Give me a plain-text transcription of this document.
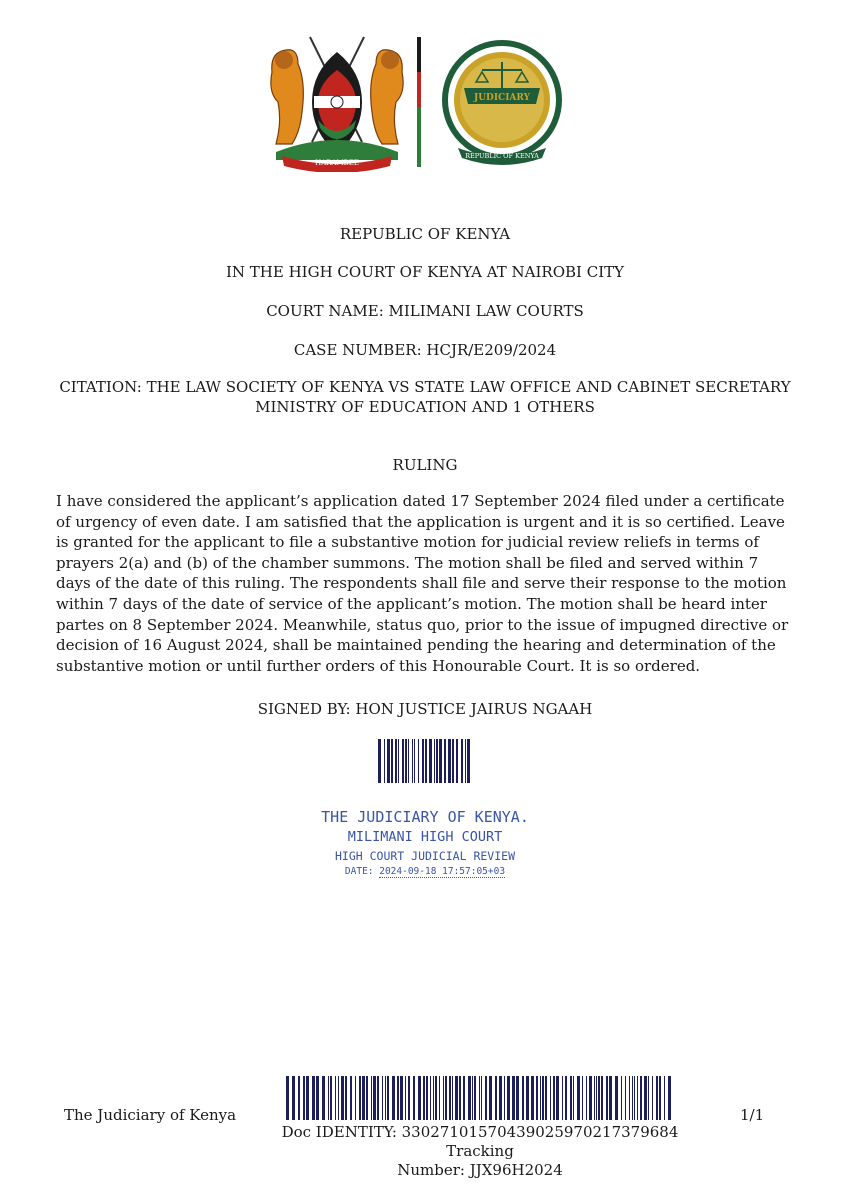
HARAMBEE
JUDICIARY
REPUBLIC OF KENYA
REPUBLIC OF KENYA
IN THE HIGH COURT OF KENYA AT NAIROBI CITY
COURT NAME: MILIMANI LAW COURTS
CASE NUMBER: HCJR/E209/2024
CITATION: THE LAW SOCIETY OF KENYA VS STATE LAW OFFICE AND CABINET SECRETARY
MINISTRY OF EDUCATION AND 1 OTHERS
RULING
I have considered the applicant’s application dated 17 September 2024 filed under a certificate of urgency of even date. I am satisfied that the application is urgent and it is so certified. Leave is granted for the applicant to file a substantive motion for judicial review reliefs in terms of prayers 2(a) and (b) of the chamber summons. The motion shall be filed and served within 7 days of the date of this ruling. The respondents shall file and serve their response to the motion within 7 days of the date of service of the applicant’s motion. The motion shall be heard inter partes on 8 September 2024. Meanwhile, status quo, prior to the issue of impugned directive or decision of 16 August 2024, shall be maintained pending the hearing and determination of the substantive motion or until further orders of this Honourable Court. It is so ordered.
SIGNED BY: HON JUSTICE JAIRUS NGAAH
THE JUDICIARY OF KENYA.
MILIMANI HIGH COURT
HIGH COURT JUDICIAL REVIEW
DATE: 2024-09-18 17:57:05+03
The Judiciary of Kenya
Doc IDENTITY: 33027101570439025970217379684 Tracking
Number: JJX96H2024
1/1
